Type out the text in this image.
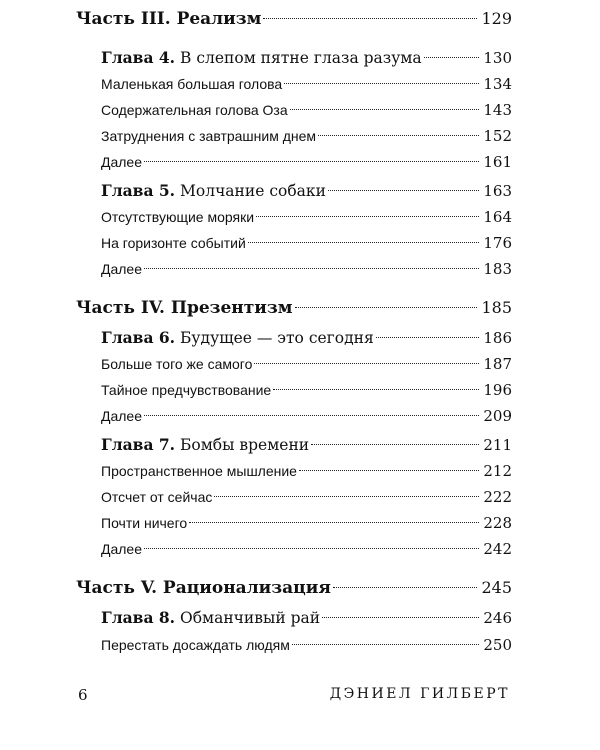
Часть III. Реализм	129
Глава 4. В слепом пятне глаза разума	130
Маленькая большая голова	134
Содержательная голова Оза	143
Затруднения с завтрашним днем	152
Далее	161
Глава 5. Молчание собаки	163
Отсутствующие моряки	164
На горизонте событий	176
Далее	183
Часть IV. Презентизм	185
Глава 6. Будущее — это сегодня	186
Больше того же самого	187
Тайное предчувствование	196
Далее	209
Глава 7. Бомбы времени	211
Пространственное мышление	212
Отсчет от сейчас	222
Почти ничего	228
Далее	242
Часть V. Рационализация	245
Глава 8. Обманчивый рай	246
Перестать досаждать людям	250
6	ДЭНИЕЛ ГИЛБЕРТ
